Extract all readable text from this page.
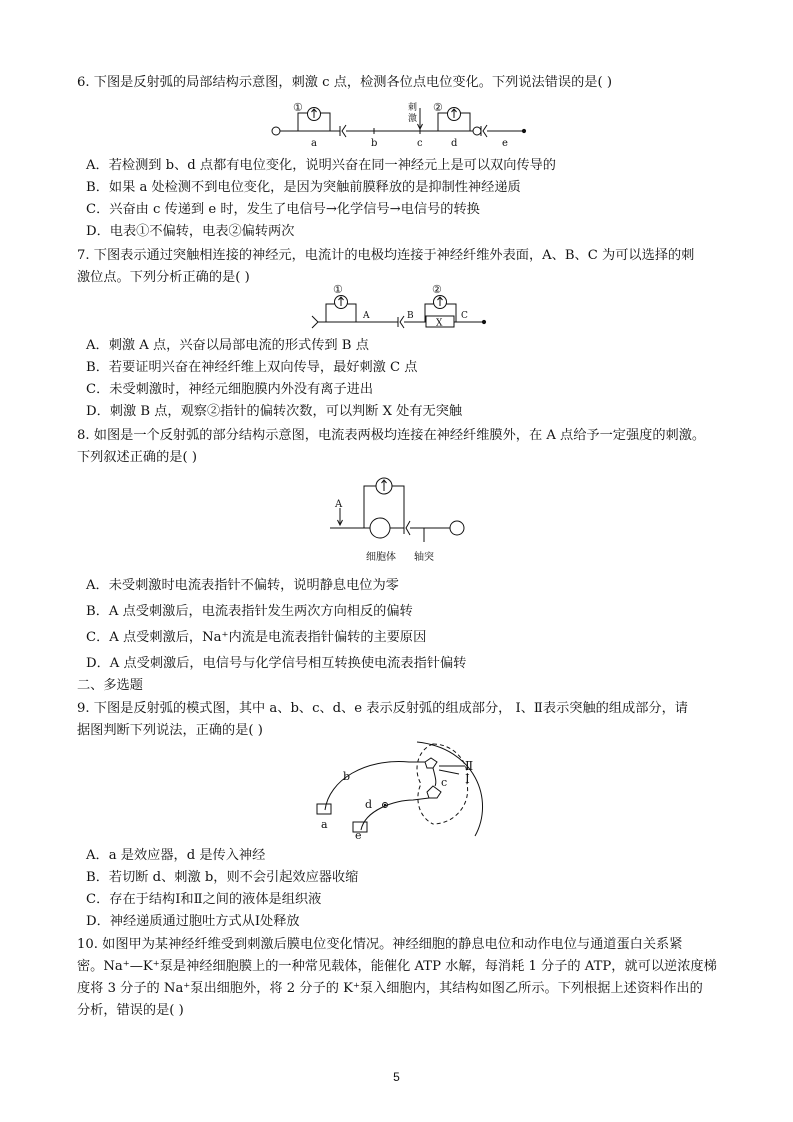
6. 下图是反射弧的局部结构示意图，刺激 c 点，检测各位点电位变化。下列说法错误的是( )
①	②
刺
激
a	b	c	d	e
A．若检测到 b、d 点都有电位变化，说明兴奋在同一神经元上是可以双向传导的
B．如果 a 处检测不到电位变化，是因为突触前膜释放的是抑制性神经递质
C．兴奋由 c 传递到 e 时，发生了电信号→化学信号→电信号的转换
D．电表①不偏转，电表②偏转两次
7. 下图表示通过突触相连接的神经元，电流计的电极均连接于神经纤维外表面，A、B、C 为可以选择的刺
激位点。下列分析正确的是( )
①	②
A	B	C
X
A．刺激 A 点，兴奋以局部电流的形式传到 B 点
B．若要证明兴奋在神经纤维上双向传导，最好刺激 C 点
C．未受刺激时，神经元细胞膜内外没有离子进出
D．刺激 B 点，观察②指针的偏转次数，可以判断 X 处有无突触
8. 如图是一个反射弧的部分结构示意图，电流表两极均连接在神经纤维膜外，在 A 点给予一定强度的刺激。
下列叙述正确的是( )
A
细胞体 轴突
A．未受刺激时电流表指针不偏转，说明静息电位为零
B．A 点受刺激后，电流表指针发生两次方向相反的偏转
C．A 点受刺激后，Na⁺内流是电流表指针偏转的主要原因
D．A 点受刺激后，电信号与化学信号相互转换使电流表指针偏转
二、多选题
9. 下图是反射弧的模式图，其中 a、b、c、d、e 表示反射弧的组成部分， Ⅰ、Ⅱ表示突触的组成部分，请
据图判断下列说法，正确的是( )
a
b	c
d
e
Ⅰ
Ⅱ
A．a 是效应器，d 是传入神经
B．若切断 d、刺激 b，则不会引起效应器收缩
C．存在于结构Ⅰ和Ⅱ之间的液体是组织液
D．神经递质通过胞吐方式从Ⅰ处释放
10. 如图甲为某神经纤维受到刺激后膜电位变化情况。神经细胞的静息电位和动作电位与通道蛋白关系紧
密。Na⁺—K⁺泵是神经细胞膜上的一种常见载体，能催化 ATP 水解，每消耗 1 分子的 ATP，就可以逆浓度梯
度将 3 分子的 Na⁺泵出细胞外，将 2 分子的 K⁺泵入细胞内，其结构如图乙所示。下列根据上述资料作出的
分析，错误的是( )
5
